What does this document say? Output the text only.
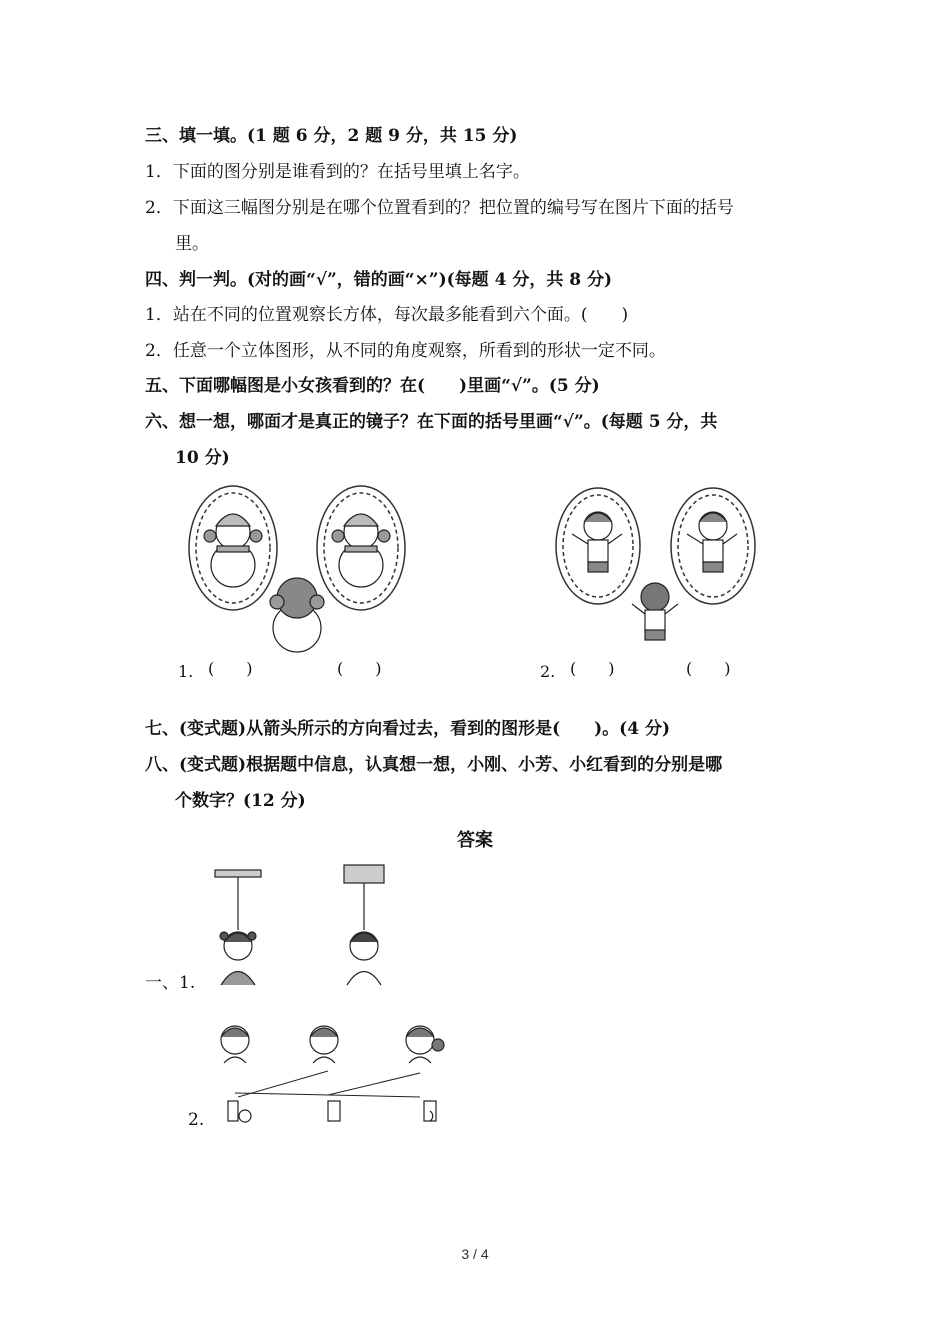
三、填一填。(1 题 6 分，2 题 9 分，共 15 分)
1．下面的图分别是谁看到的？在括号里填上名字。
2．下面这三幅图分别是在哪个位置看到的？把位置的编号写在图片下面的括号
里。
四、判一判。(对的画“√”，错的画“×”)(每题 4 分，共 8 分)
1．站在不同的位置观察长方体，每次最多能看到六个面。(　　)
2．任意一个立体图形，从不同的角度观察，所看到的形状一定不同。
五、下面哪幅图是小女孩看到的？在(　　)里画“√”。(5 分)
六、想一想，哪面才是真正的镜子？在下面的括号里画“√”。(每题 5 分，共
10 分)
1. (　　)	(　　)	2. (　　)	(　　)
七、(变式题)从箭头所示的方向看过去，看到的图形是(　　)。(4 分)
八、(变式题)根据题中信息，认真想一想，小刚、小芳、小红看到的分别是哪
个数字？(12 分)
答案
一、1.
2.
3 / 4
